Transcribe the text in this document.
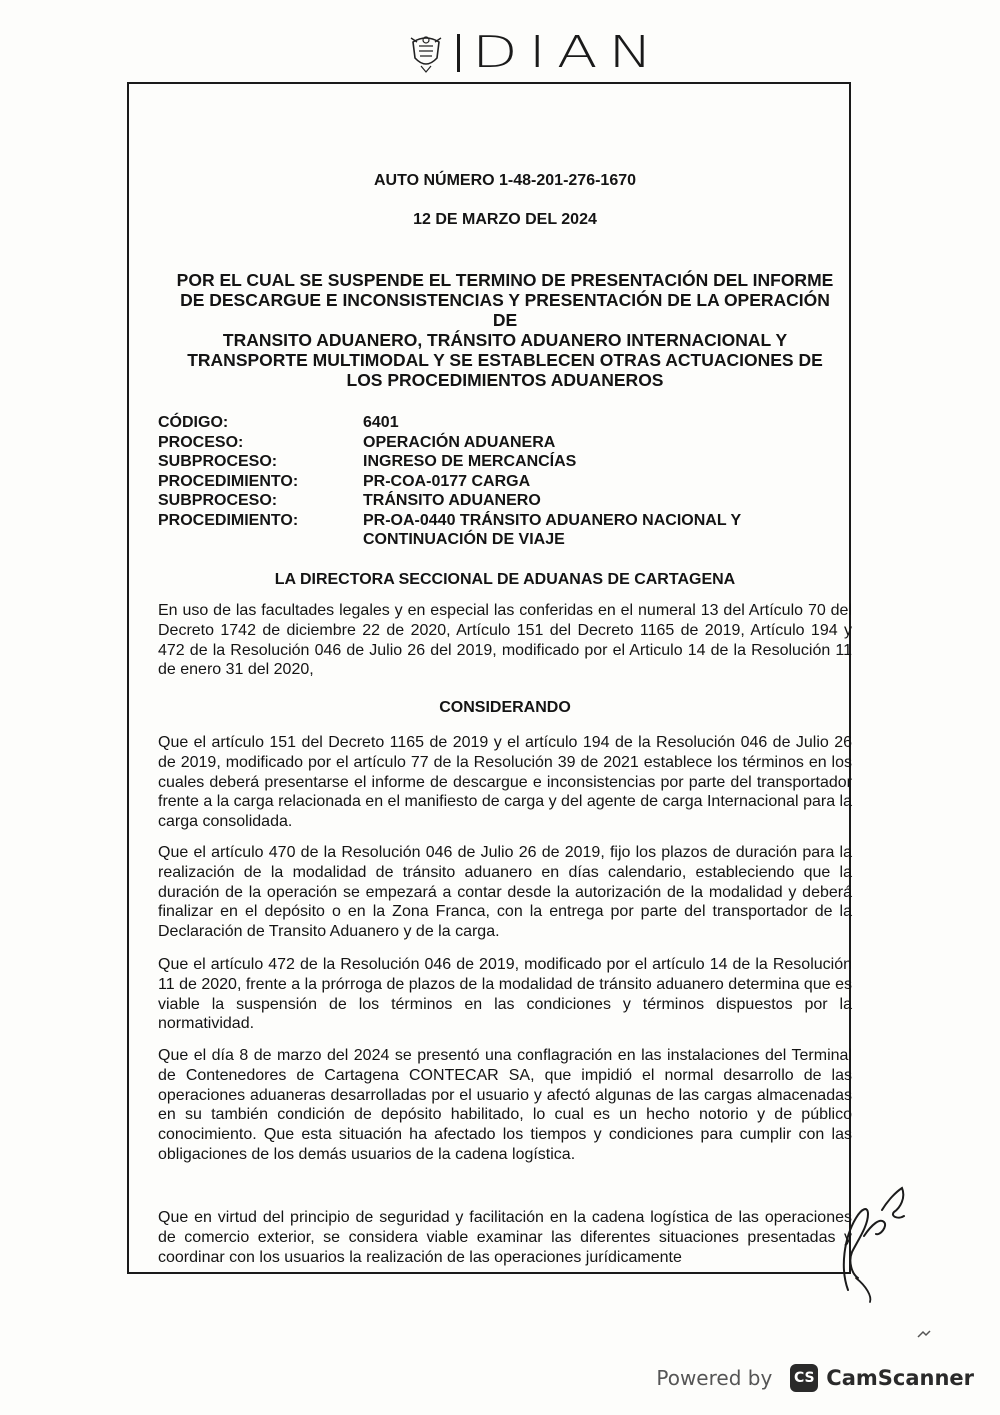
DIAN

AUTO NÚMERO 1-48-201-276-1670

12 DE MARZO DEL 2024

POR EL CUAL SE SUSPENDE EL TERMINO DE PRESENTACIÓN DEL INFORME
DE DESCARGUE E INCONSISTENCIAS Y PRESENTACIÓN DE LA OPERACIÓN DE
TRANSITO ADUANERO, TRÁNSITO ADUANERO INTERNACIONAL Y
TRANSPORTE MULTIMODAL Y SE ESTABLECEN OTRAS ACTUACIONES DE
LOS PROCEDIMIENTOS ADUANEROS
CÓDIGO:	6401
PROCESO:	OPERACIÓN ADUANERA
SUBPROCESO:	INGRESO DE MERCANCÍAS
PROCEDIMIENTO:	PR-COA-0177 CARGA
SUBPROCESO:	TRÁNSITO ADUANERO
PROCEDIMIENTO:	PR-OA-0440 TRÁNSITO ADUANERO NACIONAL Y
CONTINUACIÓN DE VIAJE
LA DIRECTORA SECCIONAL DE ADUANAS DE CARTAGENA

En uso de las facultades legales y en especial las conferidas en el numeral 13 del Artículo 70 del Decreto 1742 de diciembre 22 de 2020, Artículo 151 del Decreto 1165 de 2019, Artículo 194 y 472 de la Resolución 046 de Julio 26 del 2019, modificado por el Articulo 14 de la Resolución 11 de enero 31 del 2020,

CONSIDERANDO

Que el artículo 151 del Decreto 1165 de 2019 y el artículo 194 de la Resolución 046 de Julio 26 de 2019, modificado por el artículo 77 de la Resolución 39 de 2021 establece los términos en los cuales deberá presentarse el informe de descargue e inconsistencias por parte del transportador frente a la carga relacionada en el manifiesto de carga y del agente de carga Internacional para la carga consolidada.

Que el artículo 470 de la Resolución 046 de Julio 26 de 2019, fijo los plazos de duración para la realización de la modalidad de tránsito aduanero en días calendario, estableciendo que la duración de la operación se empezará a contar desde la autorización de la modalidad y deberá finalizar en el depósito o en la Zona Franca, con la entrega por parte del transportador de la Declaración de Transito Aduanero y de la carga.

Que el artículo 472 de la Resolución 046 de 2019, modificado por el artículo 14 de la Resolución 11 de 2020, frente a la prórroga de plazos de la modalidad de tránsito aduanero determina que es viable la suspensión de los términos en las condiciones y términos dispuestos por la normatividad.

Que el día 8 de marzo del 2024 se presentó una conflagración en las instalaciones del Terminal de Contenedores de Cartagena CONTECAR SA, que impidió el normal desarrollo de las operaciones aduaneras desarrolladas por el usuario y afectó algunas de las cargas almacenadas en su también condición de depósito habilitado, lo cual es un hecho notorio y de público conocimiento. Que esta situación ha afectado los tiempos y condiciones para cumplir con las obligaciones de los demás usuarios de la cadena logística.

Que en virtud del principio de seguridad y facilitación en la cadena logística de las operaciones de comercio exterior, se considera viable examinar las diferentes situaciones presentadas y coordinar con los usuarios la realización de las operaciones jurídicamente

Powered by CS CamScanner
